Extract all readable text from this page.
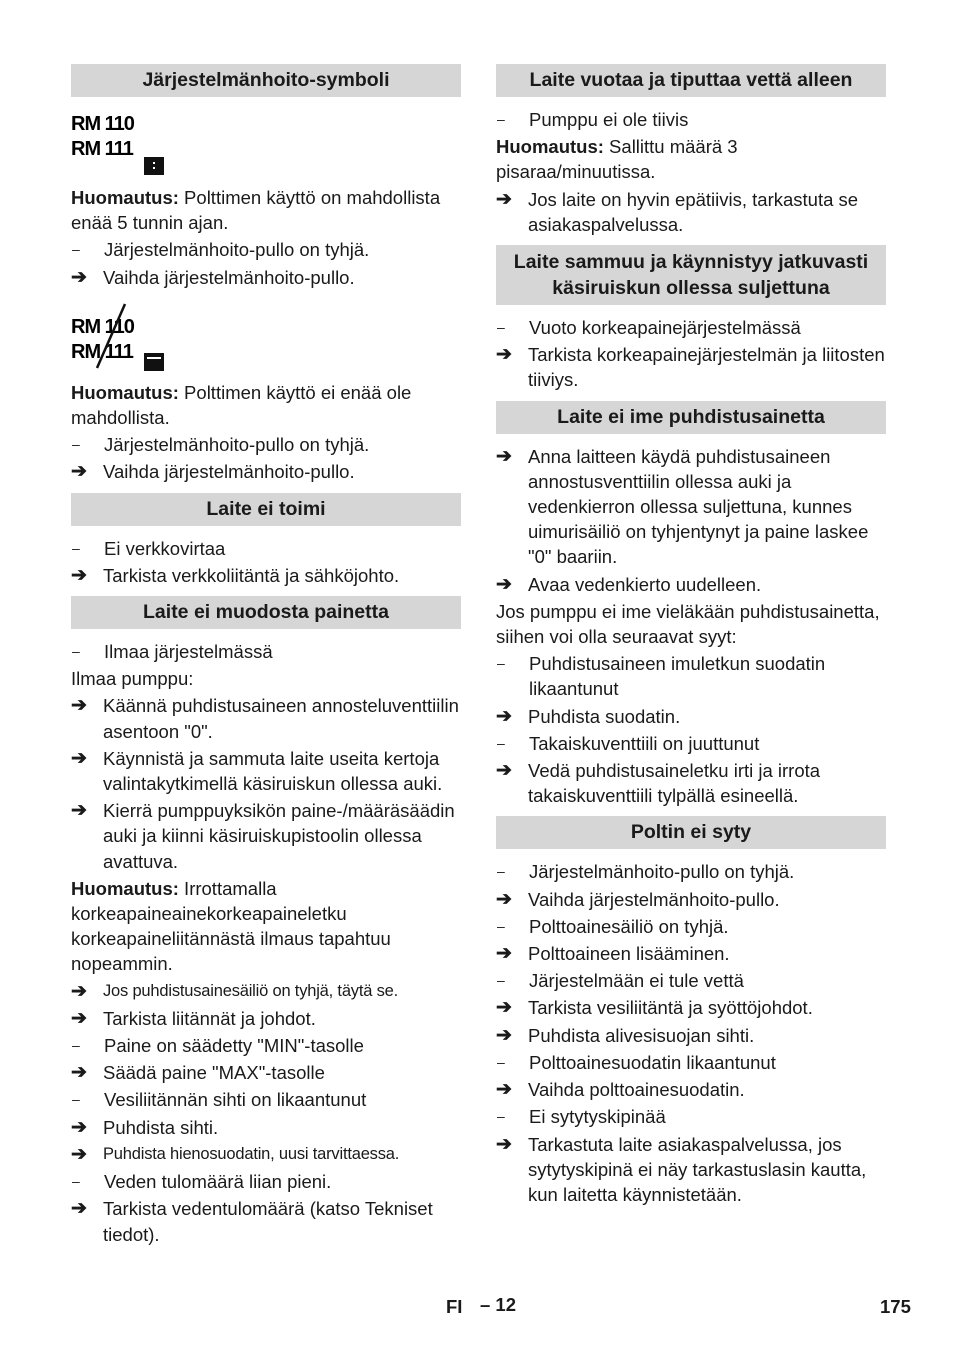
Järjestelmänhoito-symboli
RM 110
RM 111

Huomautus: Polttimen käyttö on mahdollista enää 5 tunnin ajan.

–	Järjestelmänhoito-pullo on tyhjä.
➔ Vaihda järjestelmänhoito-pullo.
RM 110
RM 111

Huomautus: Polttimen käyttö ei enää ole mahdollista.

–	Järjestelmänhoito-pullo on tyhjä.
➔ Vaihda järjestelmänhoito-pullo.
Laite ei toimi
–	Ei verkkovirtaa
➔ Tarkista verkkoliitäntä ja sähköjohto.
Laite ei muodosta painetta
–	Ilmaa järjestelmässä

Ilmaa pumppu:

➔ Käännä puhdistusaineen annosteluventtiilin asentoon "0".
➔ Käynnistä ja sammuta laite useita kertoja valintakytkimellä käsiruiskun ollessa auki.
➔ Kierrä pumppuyksikön paine-/määräsäädin auki ja kiinni käsiruiskupistoolin ollessa avattuva.

Huomautus: Irrottamalla korkeapaineainekorkeapaineletku korkeapaineliitännästä ilmaus tapahtuu nopeammin.

➔ Jos puhdistusainesäiliö on tyhjä, täytä se.
➔ Tarkista liitännät ja johdot.
–	Paine on säädetty "MIN"-tasolle
➔ Säädä paine "MAX"-tasolle
–	Vesiliitännän sihti on likaantunut
➔ Puhdista sihti.
➔ Puhdista hienosuodatin, uusi tarvittaessa.
–	Veden tulomäärä liian pieni.
➔ Tarkista vedentulomäärä (katso Tekniset tiedot).
Laite vuotaa ja tiputtaa vettä alleen
–	Pumppu ei ole tiivis

Huomautus: Sallittu määrä 3 pisaraa/minuutissa.

➔ Jos laite on hyvin epätiivis, tarkastuta se asiakaspalvelussa.
Laite sammuu ja käynnistyy jatkuvasti käsiruiskun ollessa suljettuna
–	Vuoto korkeapainejärjestelmässä
➔ Tarkista korkeapainejärjestelmän ja liitosten tiiviys.
Laite ei ime puhdistusainetta
➔ Anna laitteen käydä puhdistusaineen annostusventtiilin ollessa auki ja vedenkierron ollessa suljettuna, kunnes uimurisäiliö on tyhjentynyt ja paine laskee "0" baariin.
➔ Avaa vedenkierto uudelleen.

Jos pumppu ei ime vieläkään puhdistusainetta, siihen voi olla seuraavat syyt:

–	Puhdistusaineen imuletkun suodatin likaantunut
➔ Puhdista suodatin.
–	Takaiskuventtiili on juuttunut
➔ Vedä puhdistusaineletku irti ja irrota takaiskuventtiili tylpällä esineellä.
Poltin ei syty
–	Järjestelmänhoito-pullo on tyhjä.
➔ Vaihda järjestelmänhoito-pullo.
–	Polttoainesäiliö on tyhjä.
➔ Polttoaineen lisääminen.
–	Järjestelmään ei tule vettä
➔ Tarkista vesiliitäntä ja syöttöjohdot.
➔ Puhdista alivesisuojan sihti.
–	Polttoainesuodatin likaantunut
➔ Vaihda polttoainesuodatin.
–	Ei sytytyskipinää
➔ Tarkastuta laite asiakaspalvelussa, jos sytytyskipinä ei näy tarkastuslasin kautta, kun laitetta käynnistetään.
FI – 12	175
